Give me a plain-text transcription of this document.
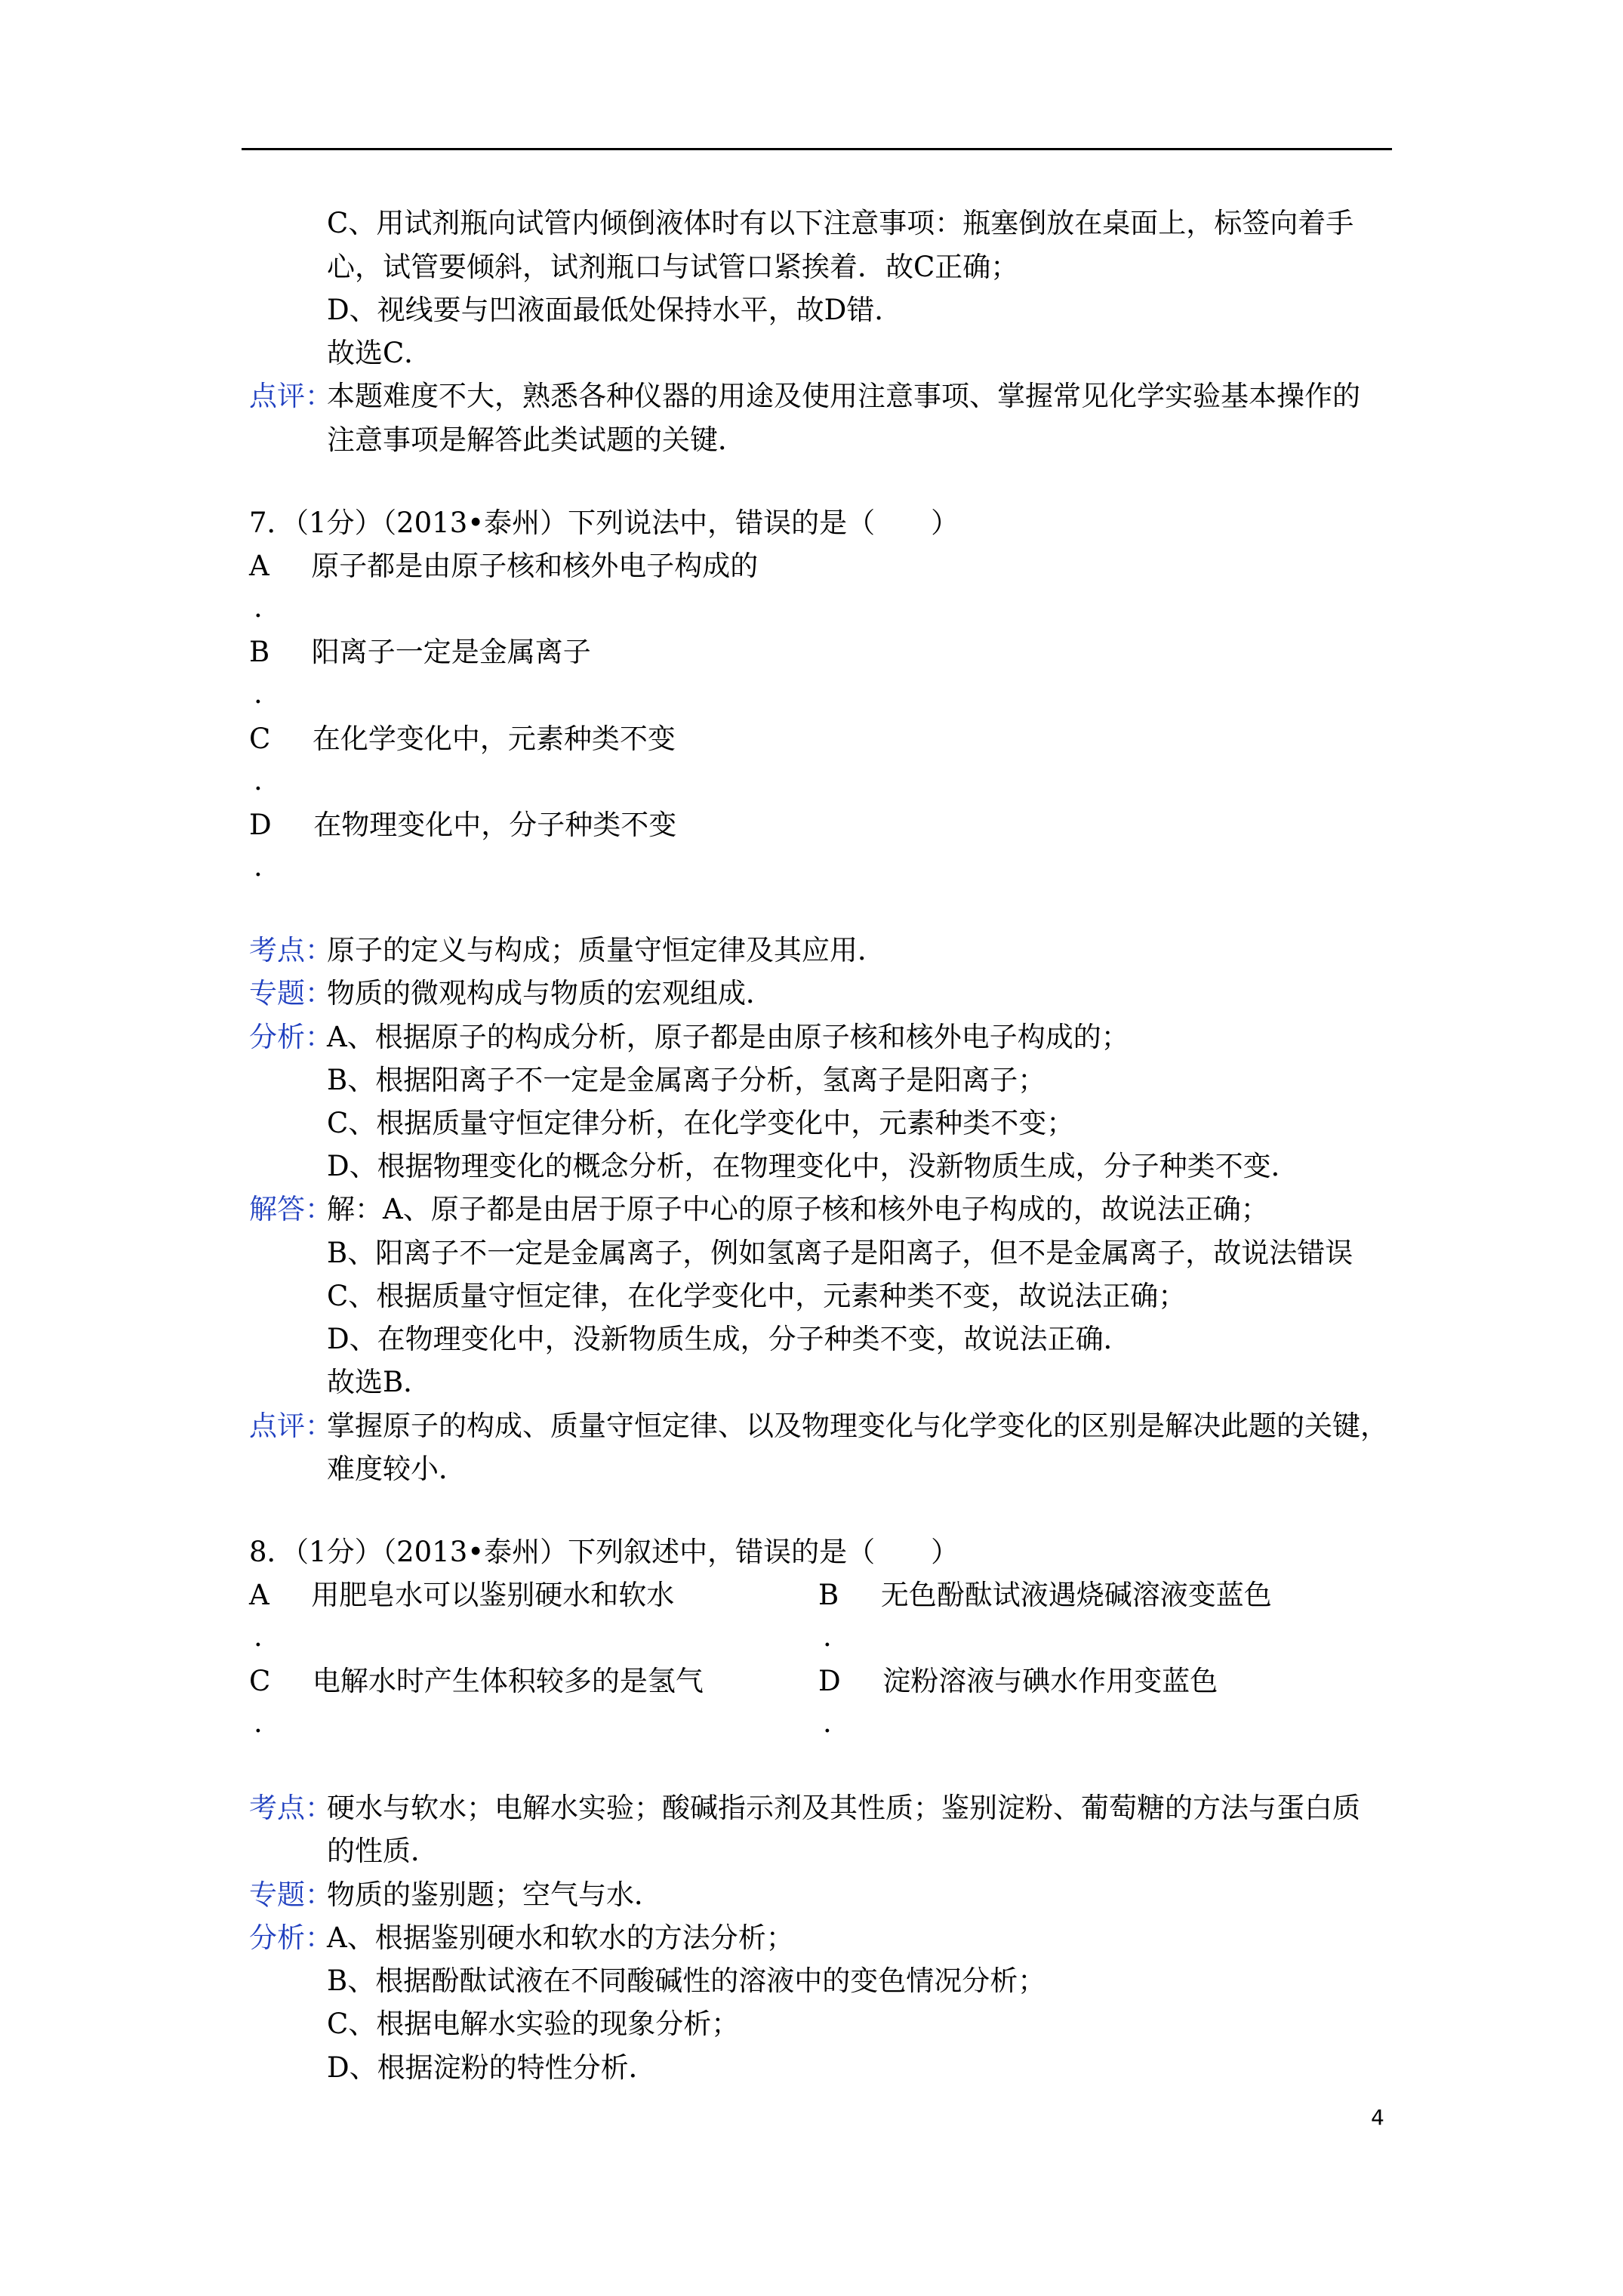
C、用试剂瓶向试管内倾倒液体时有以下注意事项：瓶塞倒放在桌面上，标签向着手
心，试管要倾斜，试剂瓶口与试管口紧挨着．故C正确；
D、视线要与凹液面最低处保持水平，故D错．
故选C．
点评：
本题难度不大，熟悉各种仪器的用途及使用注意事项、掌握常见化学实验基本操作的
注意事项是解答此类试题的关键．
7．（1分）（2013•泰州）下列说法中，错误的是（　　）
A 原子都是由原子核和核外电子构成的
.
B 阳离子一定是金属离子
.
C 在化学变化中，元素种类不变
.
D 在物理变化中，分子种类不变
.
考点：
原子的定义与构成；质量守恒定律及其应用．
专题：
物质的微观构成与物质的宏观组成．
分析：
A、根据原子的构成分析，原子都是由原子核和核外电子构成的；
B、根据阳离子不一定是金属离子分析，氢离子是阳离子；
C、根据质量守恒定律分析，在化学变化中，元素种类不变；
D、根据物理变化的概念分析，在物理变化中，没新物质生成，分子种类不变．
解答：
解：A、原子都是由居于原子中心的原子核和核外电子构成的，故说法正确；
B、阳离子不一定是金属离子，例如氢离子是阳离子，但不是金属离子，故说法错误
C、根据质量守恒定律，在化学变化中，元素种类不变，故说法正确；
D、在物理变化中，没新物质生成，分子种类不变，故说法正确．
故选B．
点评：
掌握原子的构成、质量守恒定律、以及物理变化与化学变化的区别是解决此题的关键，
难度较小．
8．（1分）（2013•泰州）下列叙述中，错误的是（　　）
A 用肥皂水可以鉴别硬水和软水	B 无色酚酞试液遇烧碱溶液变蓝色
.	.
C 电解水时产生体积较多的是氢气	D 淀粉溶液与碘水作用变蓝色
.	.
考点：
硬水与软水；电解水实验；酸碱指示剂及其性质；鉴别淀粉、葡萄糖的方法与蛋白质
的性质．
专题：
物质的鉴别题；空气与水．
分析：
A、根据鉴别硬水和软水的方法分析；
B、根据酚酞试液在不同酸碱性的溶液中的变色情况分析；
C、根据电解水实验的现象分析；
D、根据淀粉的特性分析．
4
